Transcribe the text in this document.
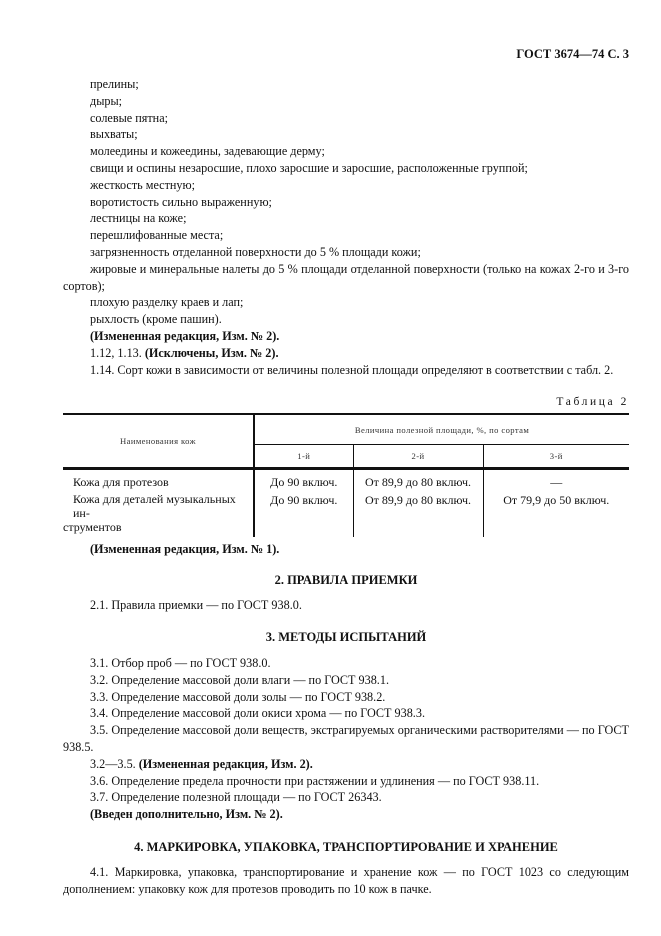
ГОСТ 3674—74 С. 3
прелины;
дыры;
солевые пятна;
выхваты;
молеедины и кожеедины, задевающие дерму;
свищи и оспины незаросшие, плохо заросшие и заросшие, расположенные группой;
жесткость местную;
воротистость сильно выраженную;
лестницы на коже;
перешлифованные места;
загрязненность отделанной поверхности до 5 % площади кожи;
жировые и минеральные налеты до 5 % площади отделанной поверхности (только на кожах 2-го и 3-го сортов);
плохую разделку краев и лап;
рыхлость (кроме пашин).
(Измененная редакция, Изм. № 2).
1.12, 1.13. (Исключены, Изм. № 2).
1.14. Сорт кожи в зависимости от величины полезной площади определяют в соответствии с табл. 2.
Таблица 2
Наименования кож	Величина полезной площади, %, по сортам		
	1-й	2-й	3-й
Кожа для протезов	До 90 включ.	От 89,9 до 80 включ.	—

Кожа для деталей музыкальных ин-
струментов	До 90 включ.	От 89,9 до 80 включ.	От 79,9 до 50 включ.
(Измененная редакция, Изм. № 1).
2. ПРАВИЛА ПРИЕМКИ
2.1. Правила приемки — по ГОСТ 938.0.
3. МЕТОДЫ ИСПЫТАНИЙ
3.1. Отбор проб — по ГОСТ 938.0.
3.2. Определение массовой доли влаги — по ГОСТ 938.1.
3.3. Определение массовой доли золы — по ГОСТ 938.2.
3.4. Определение массовой доли окиси хрома — по ГОСТ 938.3.
3.5. Определение массовой доли веществ, экстрагируемых органическими растворителями — по ГОСТ 938.5.
3.2—3.5. (Измененная редакция, Изм. 2).
3.6. Определение предела прочности при растяжении и удлинения — по ГОСТ 938.11.
3.7. Определение полезной площади — по ГОСТ 26343.
(Введен дополнительно, Изм. № 2).
4. МАРКИРОВКА, УПАКОВКА, ТРАНСПОРТИРОВАНИЕ И ХРАНЕНИЕ
4.1. Маркировка, упаковка, транспортирование и хранение кож — по ГОСТ 1023 со следующим дополнением: упаковку кож для протезов проводить по 10 кож в пачке.
